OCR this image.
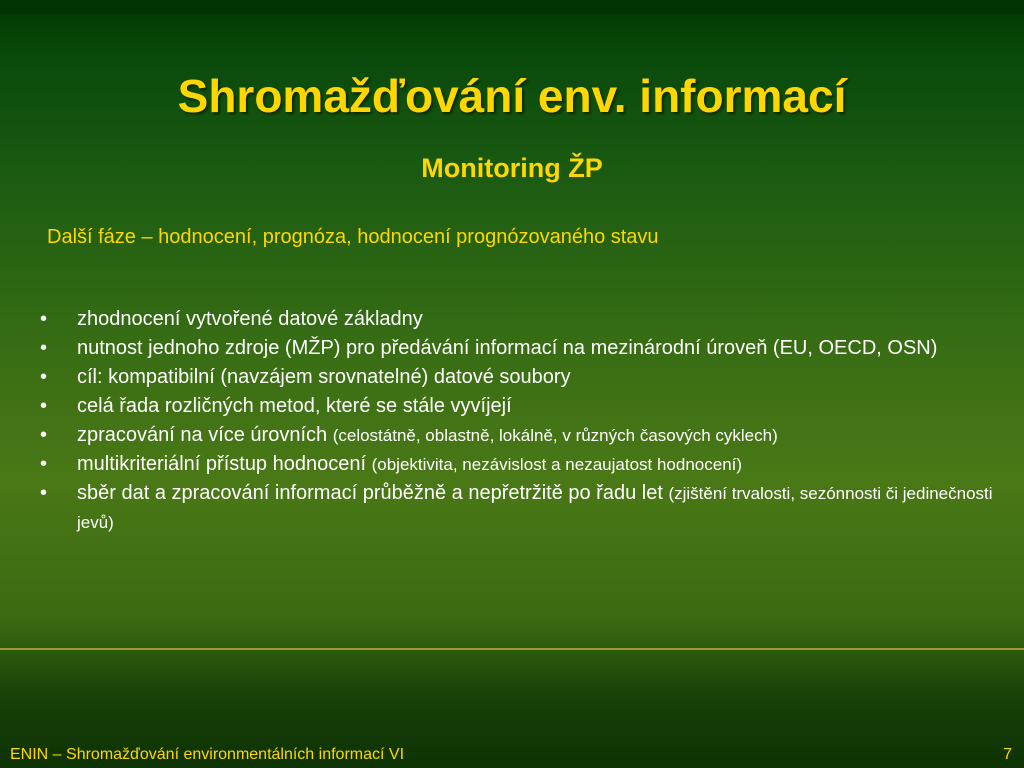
Shromažďování env. informací
Monitoring ŽP

Další fáze – hodnocení, prognóza, hodnocení prognózovaného stavu

• zhodnocení vytvořené datové základny
• nutnost jednoho zdroje (MŽP) pro předávání informací na mezinárodní úroveň (EU, OECD, OSN)
• cíl: kompatibilní (navzájem srovnatelné) datové soubory
• celá řada rozličných metod, které se stále vyvíjejí
• zpracování na více úrovních (celostátně, oblastně, lokálně, v různých časových cyklech)
• multikriteriální přístup hodnocení (objektivita, nezávislost a nezaujatost hodnocení)
• sběr dat a zpracování informací průběžně a nepřetržitě po řadu let (zjištění trvalosti, sezónnosti či jedinečnosti jevů)

ENIN – Shromažďování environmentálních informací VI	7
